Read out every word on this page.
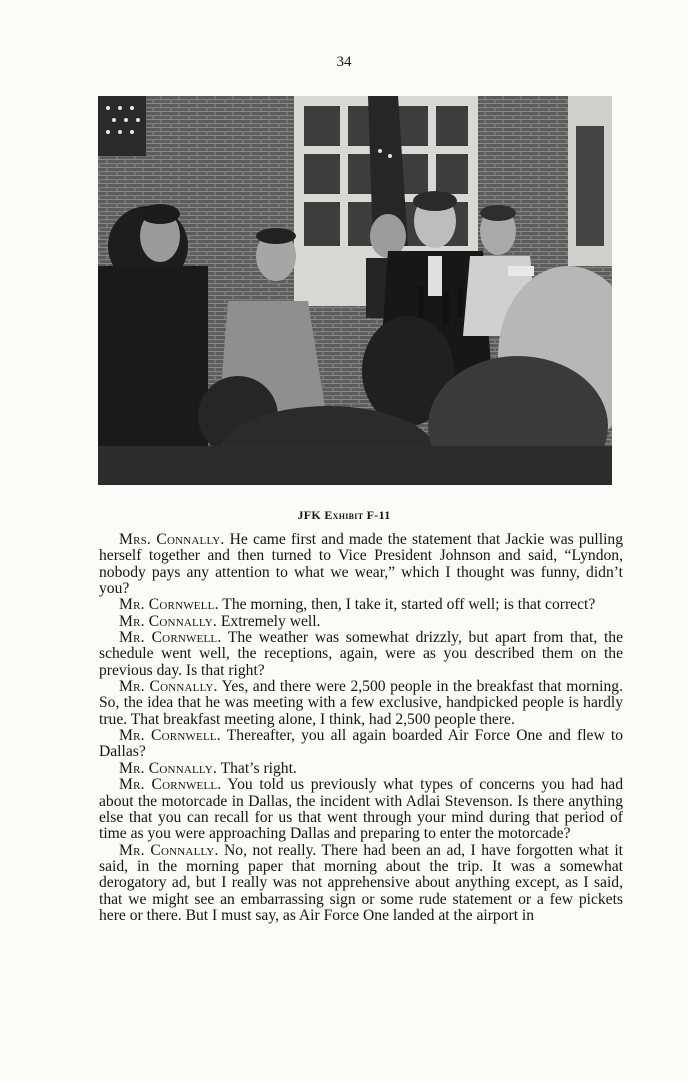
34
JFK Exhibit F-11

Mrs. Connally. He came first and made the statement that Jackie was pulling herself together and then turned to Vice President Johnson and said, “Lyndon, nobody pays any attention to what we wear,” which I thought was funny, didn’t you?

Mr. Cornwell. The morning, then, I take it, started off well; is that correct?

Mr. Connally. Extremely well.

Mr. Cornwell. The weather was somewhat drizzly, but apart from that, the schedule went well, the receptions, again, were as you described them on the previous day. Is that right?

Mr. Connally. Yes, and there were 2,500 people in the breakfast that morning. So, the idea that he was meeting with a few exclusive, handpicked people is hardly true. That breakfast meeting alone, I think, had 2,500 people there.

Mr. Cornwell. Thereafter, you all again boarded Air Force One and flew to Dallas?

Mr. Connally. That’s right.

Mr. Cornwell. You told us previously what types of concerns you had had about the motorcade in Dallas, the incident with Adlai Stevenson. Is there anything else that you can recall for us that went through your mind during that period of time as you were approaching Dallas and preparing to enter the motorcade?

Mr. Connally. No, not really. There had been an ad, I have forgotten what it said, in the morning paper that morning about the trip. It was a somewhat derogatory ad, but I really was not apprehensive about anything except, as I said, that we might see an embarrassing sign or some rude statement or a few pickets here or there. But I must say, as Air Force One landed at the airport in
